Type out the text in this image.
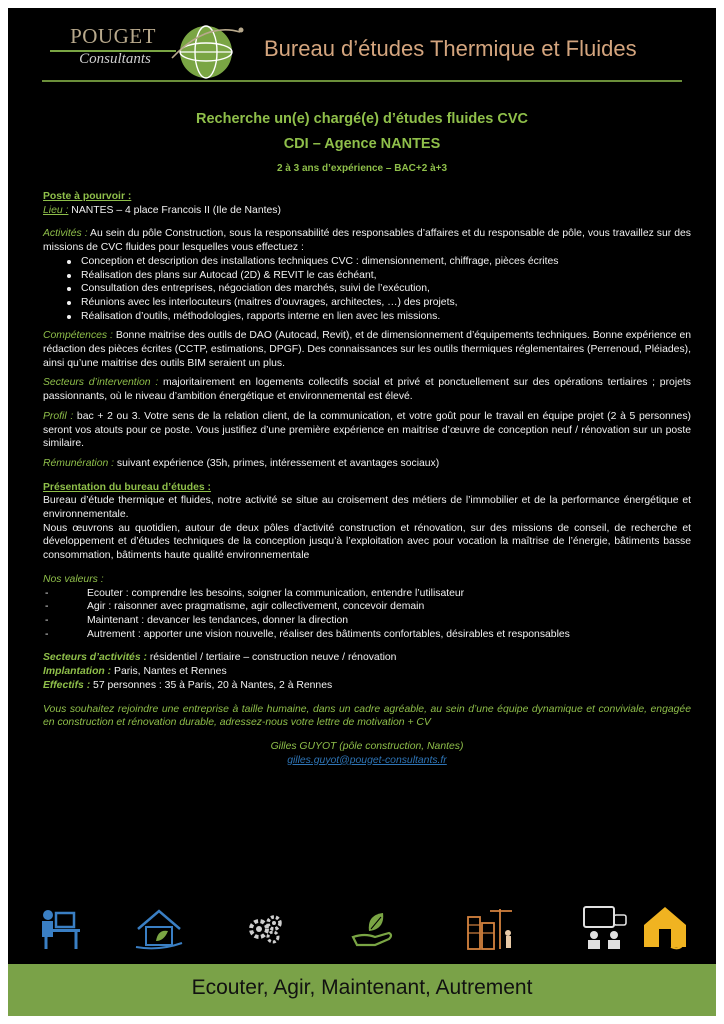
POUGET
Consultants	Bureau d’études Thermique et Fluides
Recherche un(e) chargé(e) d’études fluides CVC
CDI – Agence NANTES
2 à 3 ans d’expérience – BAC+2 à+3
Poste à pourvoir :
Lieu : NANTES – 4 place Francois II (Ile de Nantes)
Activités : Au sein du pôle Construction, sous la responsabilité des responsables d’affaires et du responsable de pôle, vous travaillez sur des missions de CVC fluides pour lesquelles vous effectuez :
Conception et description des installations techniques CVC : dimensionnement, chiffrage, pièces écrites
Réalisation des plans sur Autocad (2D) & REVIT le cas échéant,
Consultation des entreprises, négociation des marchés, suivi de l’exécution,
Réunions avec les interlocuteurs (maitres d’ouvrages, architectes, …) des projets,
Réalisation d’outils, méthodologies, rapports interne en lien avec les missions.
Compétences : Bonne maitrise des outils de DAO (Autocad, Revit), et de dimensionnement d’équipements techniques. Bonne expérience en rédaction des pièces écrites (CCTP, estimations, DPGF). Des connaissances sur les outils thermiques réglementaires (Perrenoud, Pléiades), ainsi qu’une maitrise des outils BIM seraient un plus.
Secteurs d’intervention : majoritairement en logements collectifs social et privé et ponctuellement sur des opérations tertiaires ; projets passionnants, où le niveau d’ambition énergétique et environnemental est élevé.
Profil : bac + 2 ou 3. Votre sens de la relation client, de la communication, et votre goût pour le travail en équipe projet (2 à 5 personnes) seront vos atouts pour ce poste. Vous justifiez d’une première expérience en maitrise d’œuvre de conception neuf / rénovation sur un poste similaire.
Rémunération : suivant expérience (35h, primes, intéressement et avantages sociaux)
Présentation du bureau d’études :
Bureau d’étude thermique et fluides, notre activité se situe au croisement des métiers de l’immobilier et de la performance énergétique et environnementale.
Nous œuvrons au quotidien, autour de deux pôles d’activité construction et rénovation, sur des missions de conseil, de recherche et développement et d’études techniques de la conception jusqu’à l’exploitation avec pour vocation la maîtrise de l’énergie, bâtiments basse consommation, bâtiments haute qualité environnementale
Nos valeurs :
-	Ecouter : comprendre les besoins, soigner la communication, entendre l’utilisateur
-	Agir : raisonner avec pragmatisme, agir collectivement, concevoir demain
-	Maintenant : devancer les tendances, donner la direction
-	Autrement : apporter une vision nouvelle, réaliser des bâtiments confortables, désirables et responsables
Secteurs d’activités : résidentiel / tertiaire – construction neuve / rénovation
Implantation : Paris, Nantes et Rennes
Effectifs : 57 personnes : 35 à Paris, 20 à Nantes, 2 à Rennes
Vous souhaitez rejoindre une entreprise à taille humaine, dans un cadre agréable, au sein d’une équipe dynamique et conviviale, engagée en construction et rénovation durable, adressez-nous votre lettre de motivation + CV
Gilles GUYOT (pôle construction, Nantes)
gilles.guyot@pouget-consultants.fr
Ecouter, Agir, Maintenant, Autrement
